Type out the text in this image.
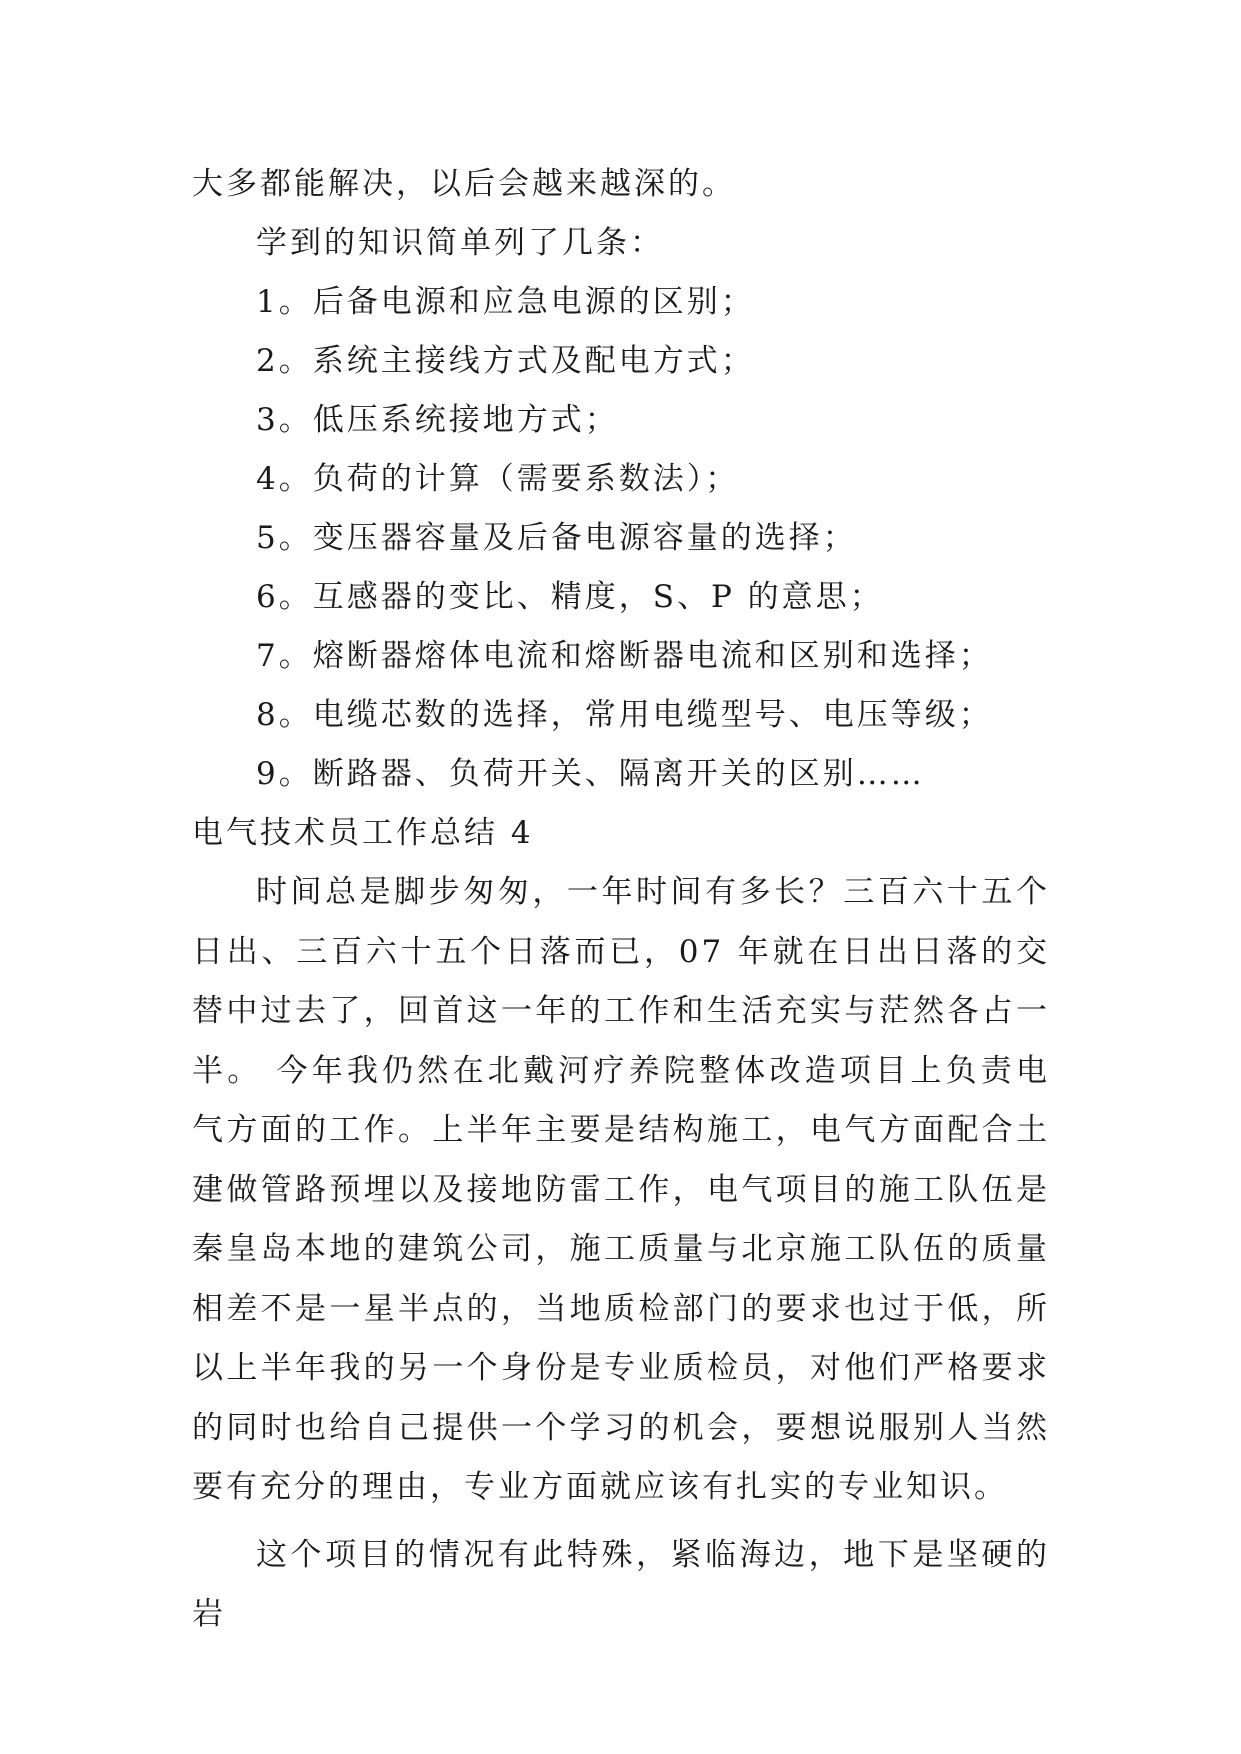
大多都能解决，以后会越来越深的。
学到的知识简单列了几条：
1。后备电源和应急电源的区别；
2。系统主接线方式及配电方式；
3。低压系统接地方式；
4。负荷的计算（需要系数法）；
5。变压器容量及后备电源容量的选择；
6。互感器的变比、精度，S、P 的意思；
7。熔断器熔体电流和熔断器电流和区别和选择；
8。电缆芯数的选择，常用电缆型号、电压等级；
9。断路器、负荷开关、隔离开关的区别……
电气技术员工作总结 4
时间总是脚步匆匆，一年时间有多长？三百六十五个日出、三百六十五个日落而已，07 年就在日出日落的交替中过去了，回首这一年的工作和生活充实与茫然各占一半。 今年我仍然在北戴河疗养院整体改造项目上负责电气方面的工作。上半年主要是结构施工，电气方面配合土建做管路预埋以及接地防雷工作，电气项目的施工队伍是秦皇岛本地的建筑公司，施工质量与北京施工队伍的质量相差不是一星半点的，当地质检部门的要求也过于低，所以上半年我的另一个身份是专业质检员，对他们严格要求的同时也给自己提供一个学习的机会，要想说服别人当然要有充分的理由，专业方面就应该有扎实的专业知识。
这个项目的情况有此特殊，紧临海边，地下是坚硬的岩
